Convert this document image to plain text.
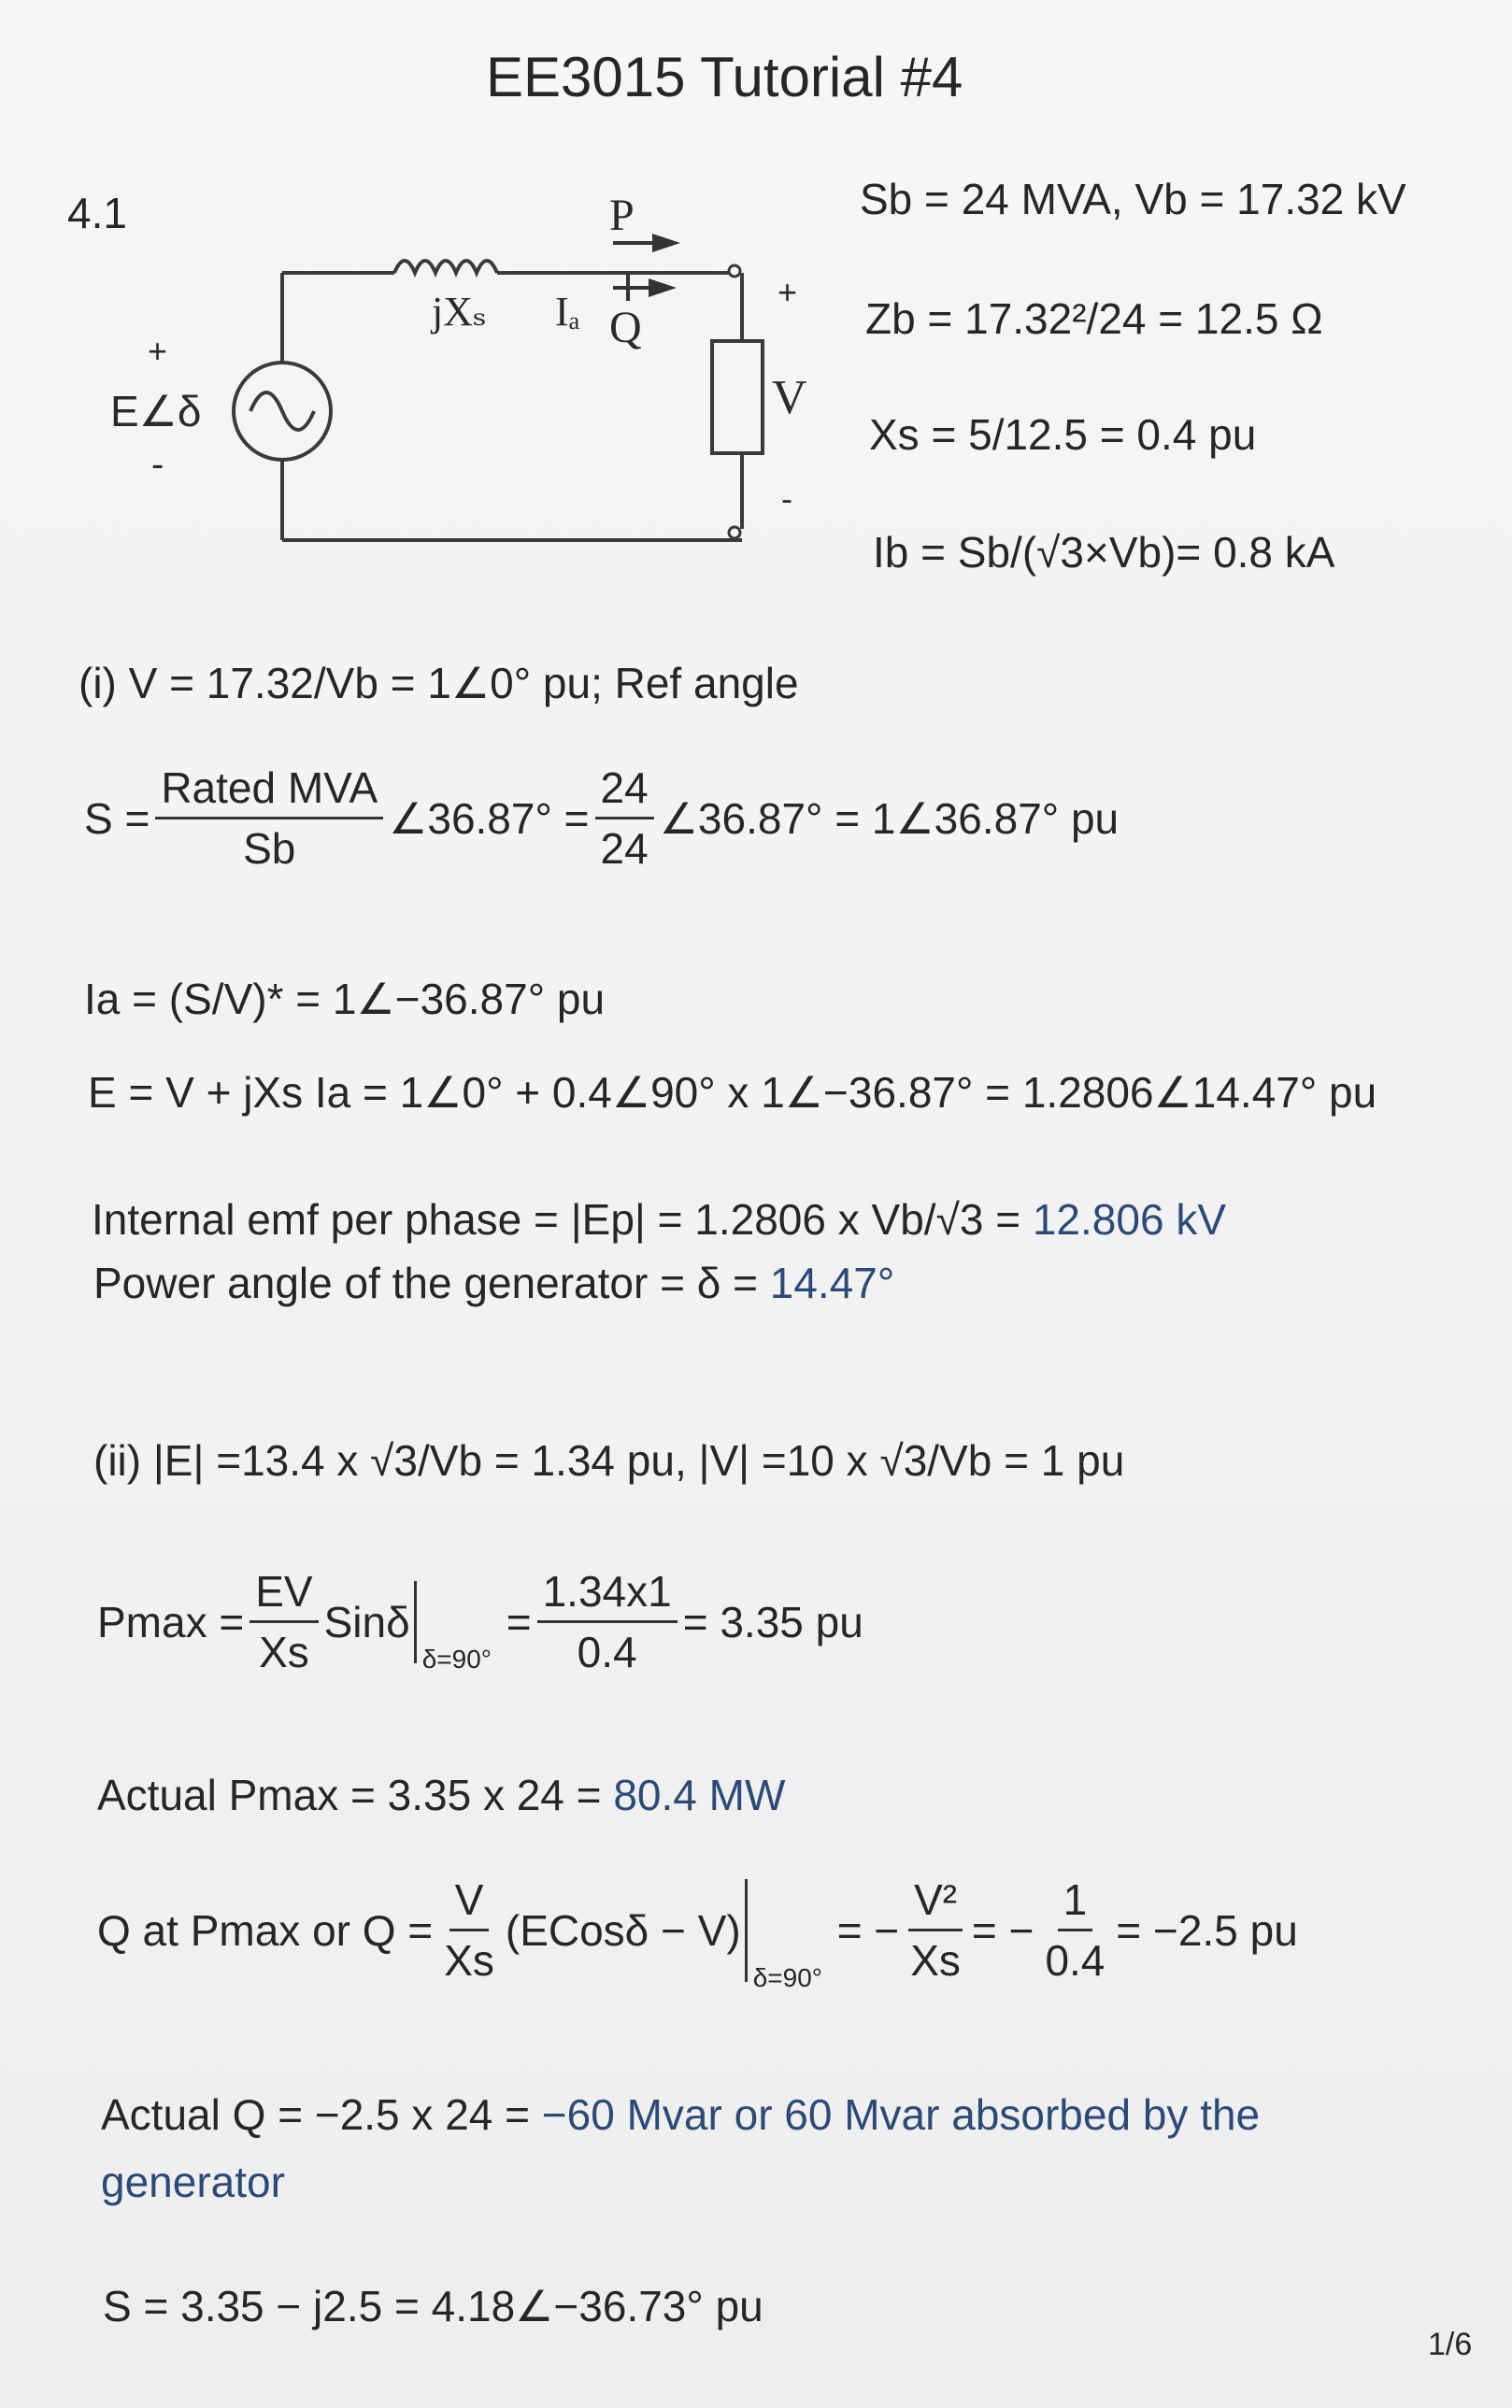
EE3015 Tutorial #4
4.1	P
Q
jXₛ Iₐ
V
+
-
+
-
E∠δ
Sb = 24 MVA, Vb = 17.32 kV
Zb = 17.32²/24 = 12.5 Ω
Xs = 5/12.5 = 0.4 pu
Ib = Sb/(√3×Vb)= 0.8 kA
(i) V = 17.32/Vb = 1∠0° pu; Ref angle
$S = \frac{\text{Rated MVA}}{Sb}$ ∠36.87° = $\frac{24}{24}$ ∠36.87° = 1∠36.87° pu
Ia = (S/V)* = 1∠−36.87° pu
E = V + jXs Ia = 1∠0° + 0.4∠90° x 1∠−36.87° = 1.2806∠14.47° pu
Internal emf per phase = |Ep| = 1.2806 x Vb/√3 = 12.806 kV
Power angle of the generator = δ = 14.47°
(ii) |E| =13.4 x √3/Vb = 1.34 pu, |V| =10 x √3/Vb = 1 pu
$Pmax = \frac{EV}{Xs}$ Sinδ
δ=90°
= $\frac{1.34x1}{0.4} = 3.35$ pu
Actual Pmax = 3.35 x 24 = 80.4 MW
Q at Pmax or $Q = \frac{V}{Xs}$ (ECosδ − V)
δ=90°
= − $\frac{\text{V²}}{Xs}$ = − $\frac{1}{0.4} = -2.5$ pu
Actual Q = −2.5 x 24 = −60 Mvar or 60 Mvar absorbed by the
generator
S = 3.35 − j2.5 = 4.18∠−36.73° pu
1/6
